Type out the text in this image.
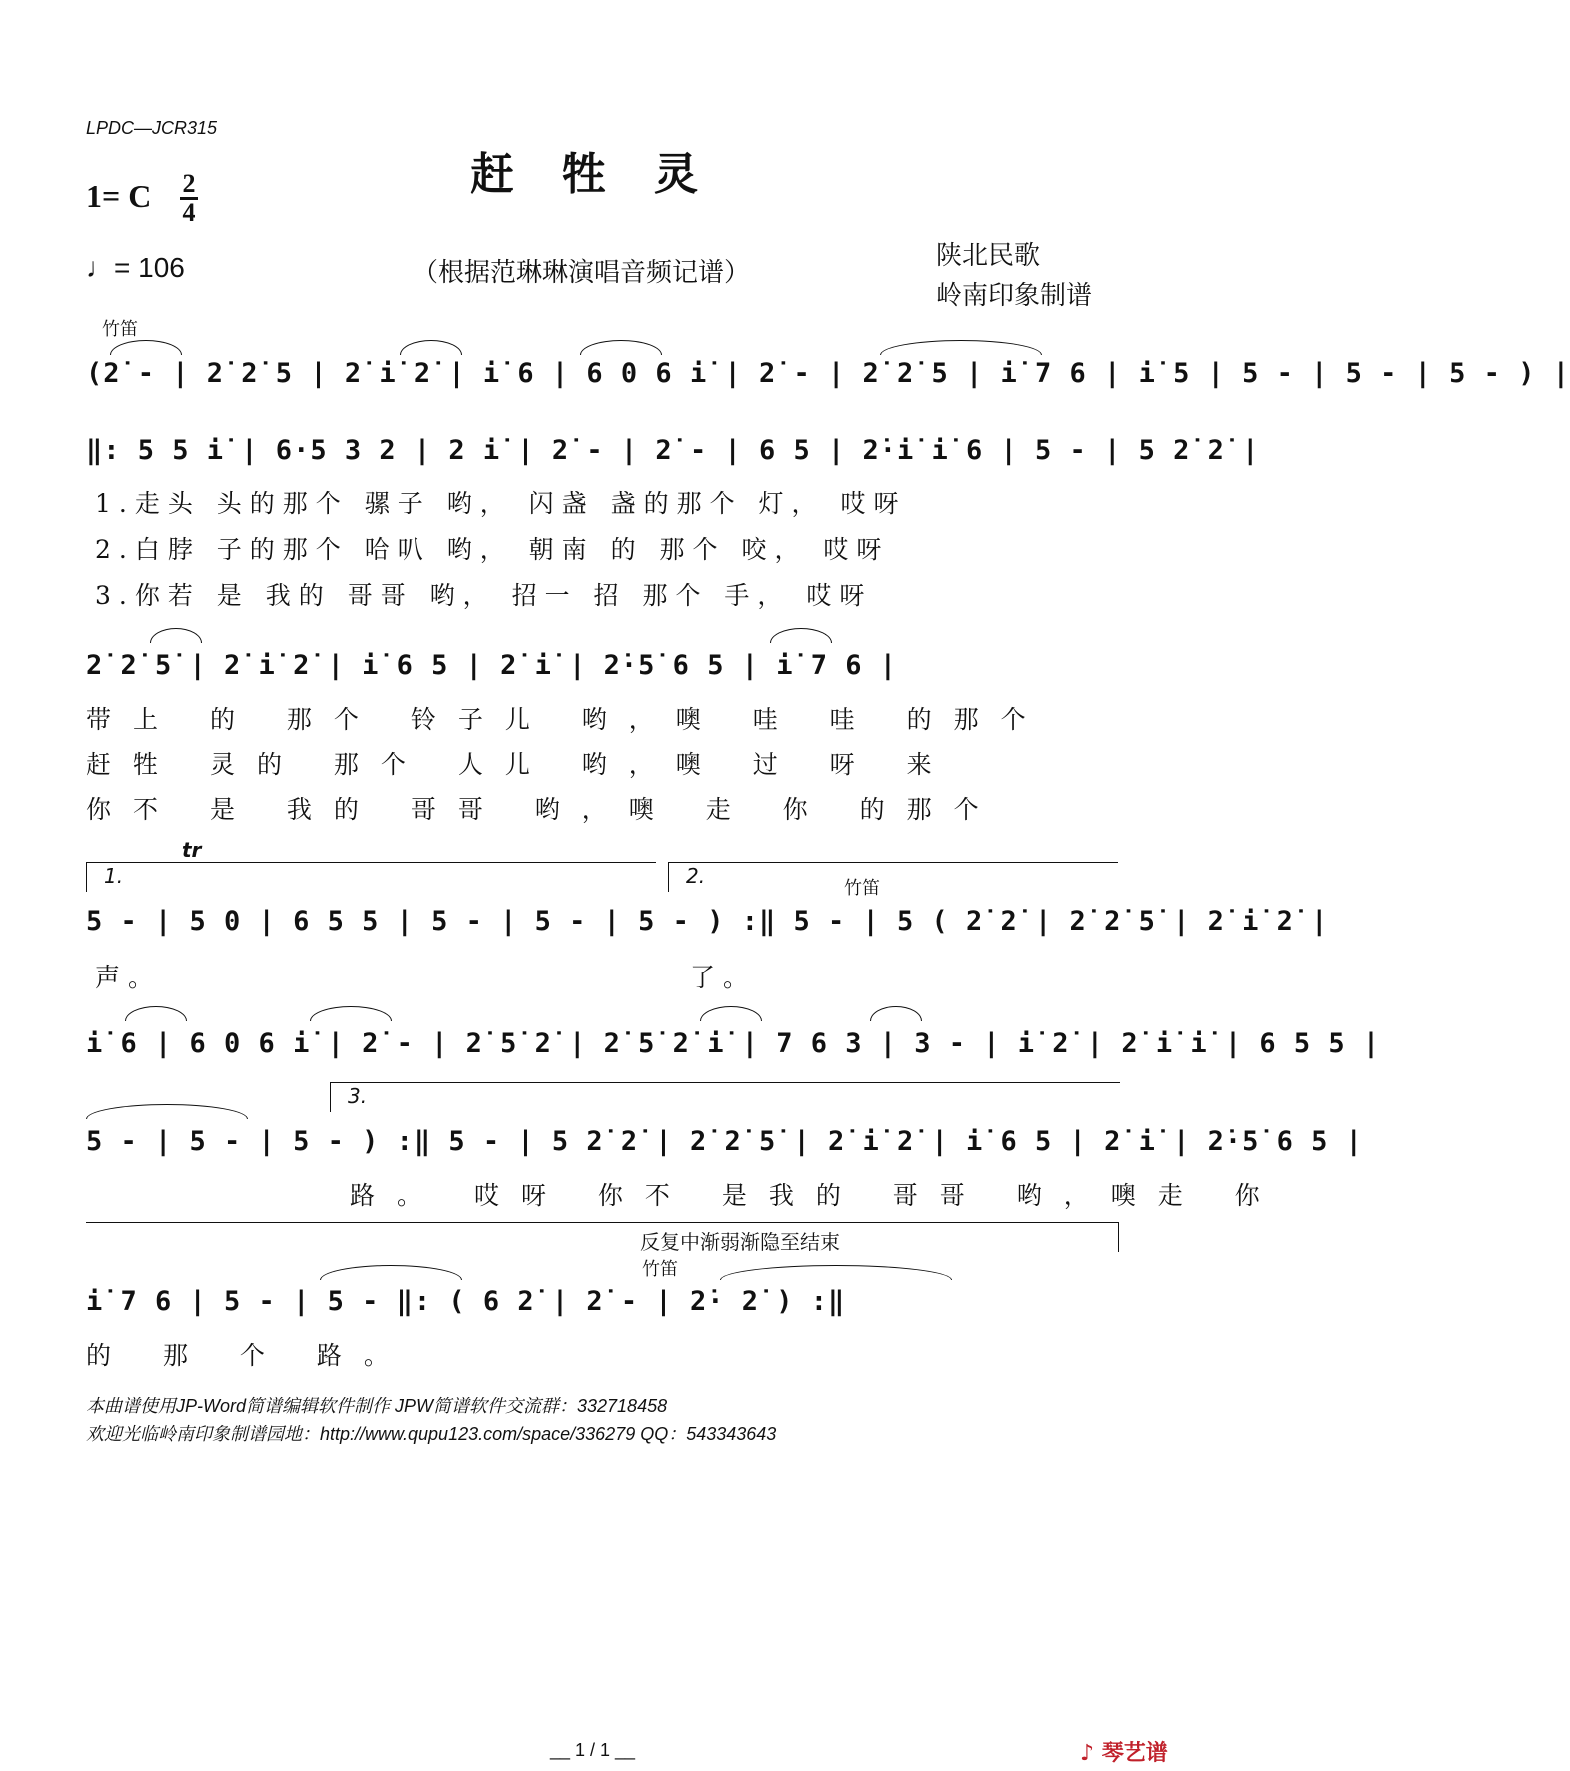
LPDC—JCR315
赶牲灵
1= C 2
4
♩= 106	（根据范琳琳演唱音频记谱）
陕北民歌
岭南印象制谱
竹笛
(2̇ - | 2̇ 2̇ 5 | 2̇ i̇ 2̇ | i̇ 6 | 6 0 6 i̇ | 2̇ - | 2̇ 2̇ 5 | i̇ 7 6 | i̇ 5 | 5 - | 5 - | 5 - ) |
‖: 5 5 i̇ | 6·5 3 2 | 2 i̇ | 2̇ - | 2̇ - | 6 5 | 2̇·i̇ i̇ 6 | 5 - | 5 2̇ 2̇ |
1.走头 头的那个 骡子 哟， 闪盏 盏的那个 灯， 哎呀
2.白脖 子的那个 哈叭 哟， 朝南 的 那个 咬， 哎呀
3.你若 是 我的 哥哥 哟， 招一 招 那个 手， 哎呀
2̇ 2̇ 5̇ | 2̇ i̇ 2̇ | i̇ 6 5 | 2̇ i̇ | 2̇·5̇ 6 5 | i̇ 7 6 |
带上 的 那个 铃子儿 哟，噢 哇 哇 的那个
赶牲 灵的 那个 人儿 哟，噢 过 呀 来
你不 是 我的 哥哥 哟，噢 走 你 的那个
tr
1.	2.	竹笛
5 - | 5 0 | 6 5 5 | 5 - | 5 - | 5 - ) :‖ 5 - | 5 ( 2̇ 2̇ | 2̇ 2̇ 5̇ | 2̇ i̇ 2̇ |
声。	了。
i̇ 6 | 6 0 6 i̇ | 2̇ - | 2̇ 5̇ 2̇ | 2̇ 5̇ 2̇ i̇ | 7 6 3 | 3 - | i̇ 2̇ | 2̇ i̇ i̇ | 6 5 5 |
3.
5 - | 5 - | 5 - ) :‖ 5 - | 5 2̇ 2̇ | 2̇ 2̇ 5̇ | 2̇ i̇ 2̇ | i̇ 6 5 | 2̇ i̇ | 2̇·5̇ 6 5 |
路。 哎呀 你不 是我的 哥哥 哟，噢走 你
反复中渐弱渐隐至结束
竹笛
i̇ 7 6 | 5 - | 5 - ‖: ( 6 2̇ | 2̇ - | 2̇· 2̇ ) :‖
的 那 个 路。
本曲谱使用JP-Word简谱编辑软件制作 JPW简谱软件交流群：332718458
欢迎光临岭南印象制谱园地：http://www.qupu123.com/space/336279 QQ：543343643
__ 1 / 1 __	♪ 琴艺谱
